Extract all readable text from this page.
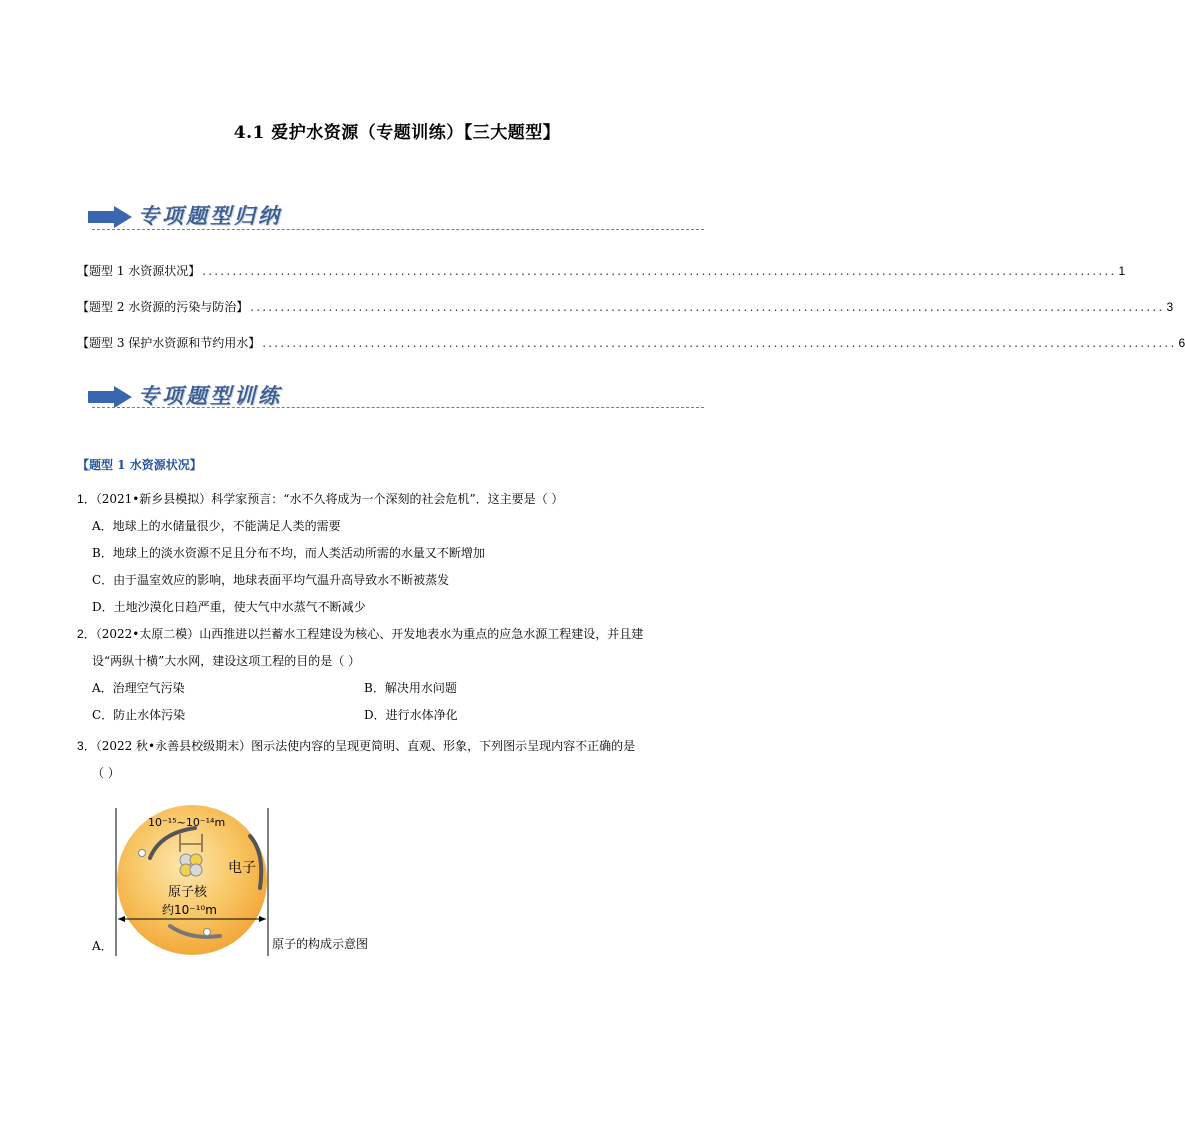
4.1 爱护水资源（专题训练）【三大题型】
专项题型归纳
【题型 1 水资源状况】 ........................................................................................................................................................ 1
【题型 2 水资源的污染与防治】 ........................................................................................................................................................ 3
【题型 3 保护水资源和节约用水】 ........................................................................................................................................................ 6
专项题型训练
【题型 1 水资源状况】
1．（2021•新乡县模拟）科学家预言：“水不久将成为一个深刻的社会危机”．这主要是（ ）
A．地球上的水储量很少，不能满足人类的需要
B．地球上的淡水资源不足且分布不均，而人类活动所需的水量又不断增加
C．由于温室效应的影响，地球表面平均气温升高导致水不断被蒸发
D．土地沙漠化日趋严重，使大气中水蒸气不断减少
2．（2022•太原二模）山西推进以拦蓄水工程建设为核心、开发地表水为重点的应急水源工程建设，并且建
设“两纵十横”大水网，建设这项工程的目的是（ ）
A．治理空气污染	B．解决用水问题
C．防止水体污染	D．进行水体净化
3．（2022 秋•永善县校级期末）图示法使内容的呈现更简明、直观、形象，下列图示呈现内容不正确的是
（ ）
A．
10⁻¹⁵~10⁻¹⁴m
电子
原子核
约10⁻¹⁰m
原子的构成示意图
